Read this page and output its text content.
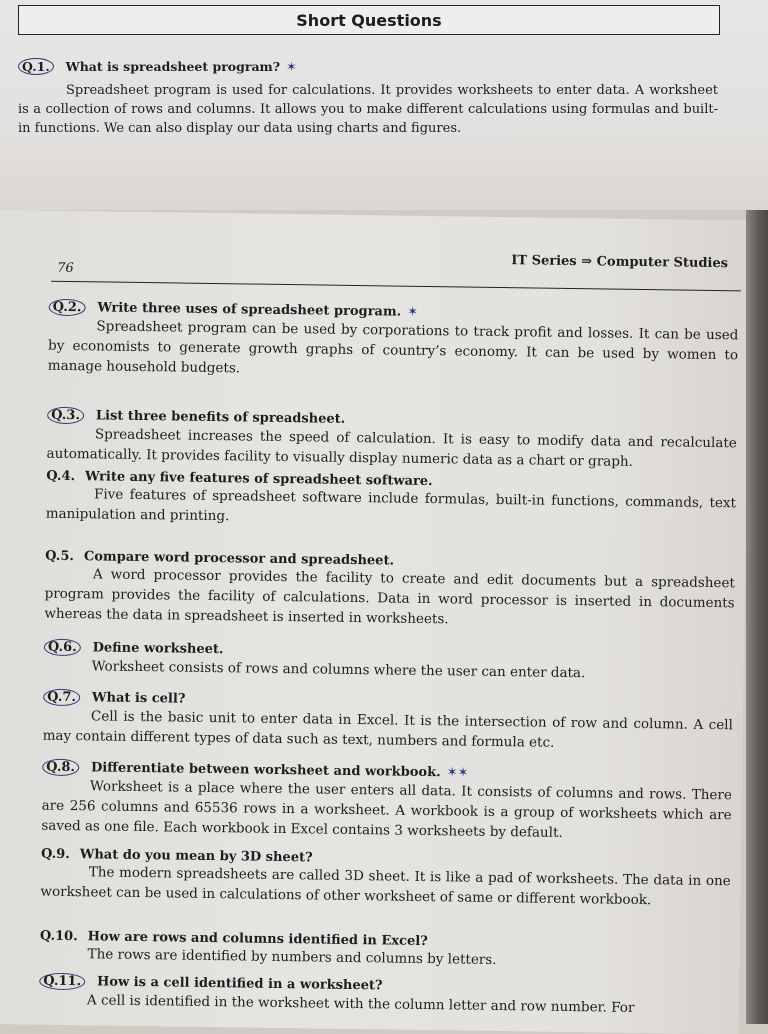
Short Questions
Q.1.	What is spreadsheet program? ✶
Spreadsheet program is used for calculations. It provides worksheets to enter data. A worksheet is a collection of rows and columns. It allows you to make different calculations using formulas and built-in functions. We can also display our data using charts and figures.
76	IT Series ⇒ Computer Studies
Q.2.	Write three uses of spreadsheet program. ✶
Spreadsheet program can be used by corporations to track profit and losses. It can be used by economists to generate growth graphs of country’s economy. It can be used by women to manage household budgets.
Q.3.	List three benefits of spreadsheet.
Spreadsheet increases the speed of calculation. It is easy to modify data and recalculate automatically. It provides facility to visually display numeric data as a chart or graph.
Q.4. Write any five features of spreadsheet software.
Five features of spreadsheet software include formulas, built-in functions, commands, text manipulation and printing.
Q.5. Compare word processor and spreadsheet.
A word processor provides the facility to create and edit documents but a spreadsheet program provides the facility of calculations. Data in word processor is inserted in documents whereas the data in spreadsheet is inserted in worksheets.
Q.6.	Define worksheet.
Worksheet consists of rows and columns where the user can enter data.
Q.7.	What is cell?
Cell is the basic unit to enter data in Excel. It is the intersection of row and column. A cell may contain different types of data such as text, numbers and formula etc.
Q.8.	Differentiate between worksheet and workbook. ✶✶
Worksheet is a place where the user enters all data. It consists of columns and rows. There are 256 columns and 65536 rows in a worksheet. A workbook is a group of worksheets which are saved as one file. Each workbook in Excel contains 3 worksheets by default.
Q.9. What do you mean by 3D sheet?
The modern spreadsheets are called 3D sheet. It is like a pad of worksheets. The data in one worksheet can be used in calculations of other worksheet of same or different workbook.
Q.10. How are rows and columns identified in Excel?
The rows are identified by numbers and columns by letters.
Q.11.	How is a cell identified in a worksheet?
A cell is identified in the worksheet with the column letter and row number. For
